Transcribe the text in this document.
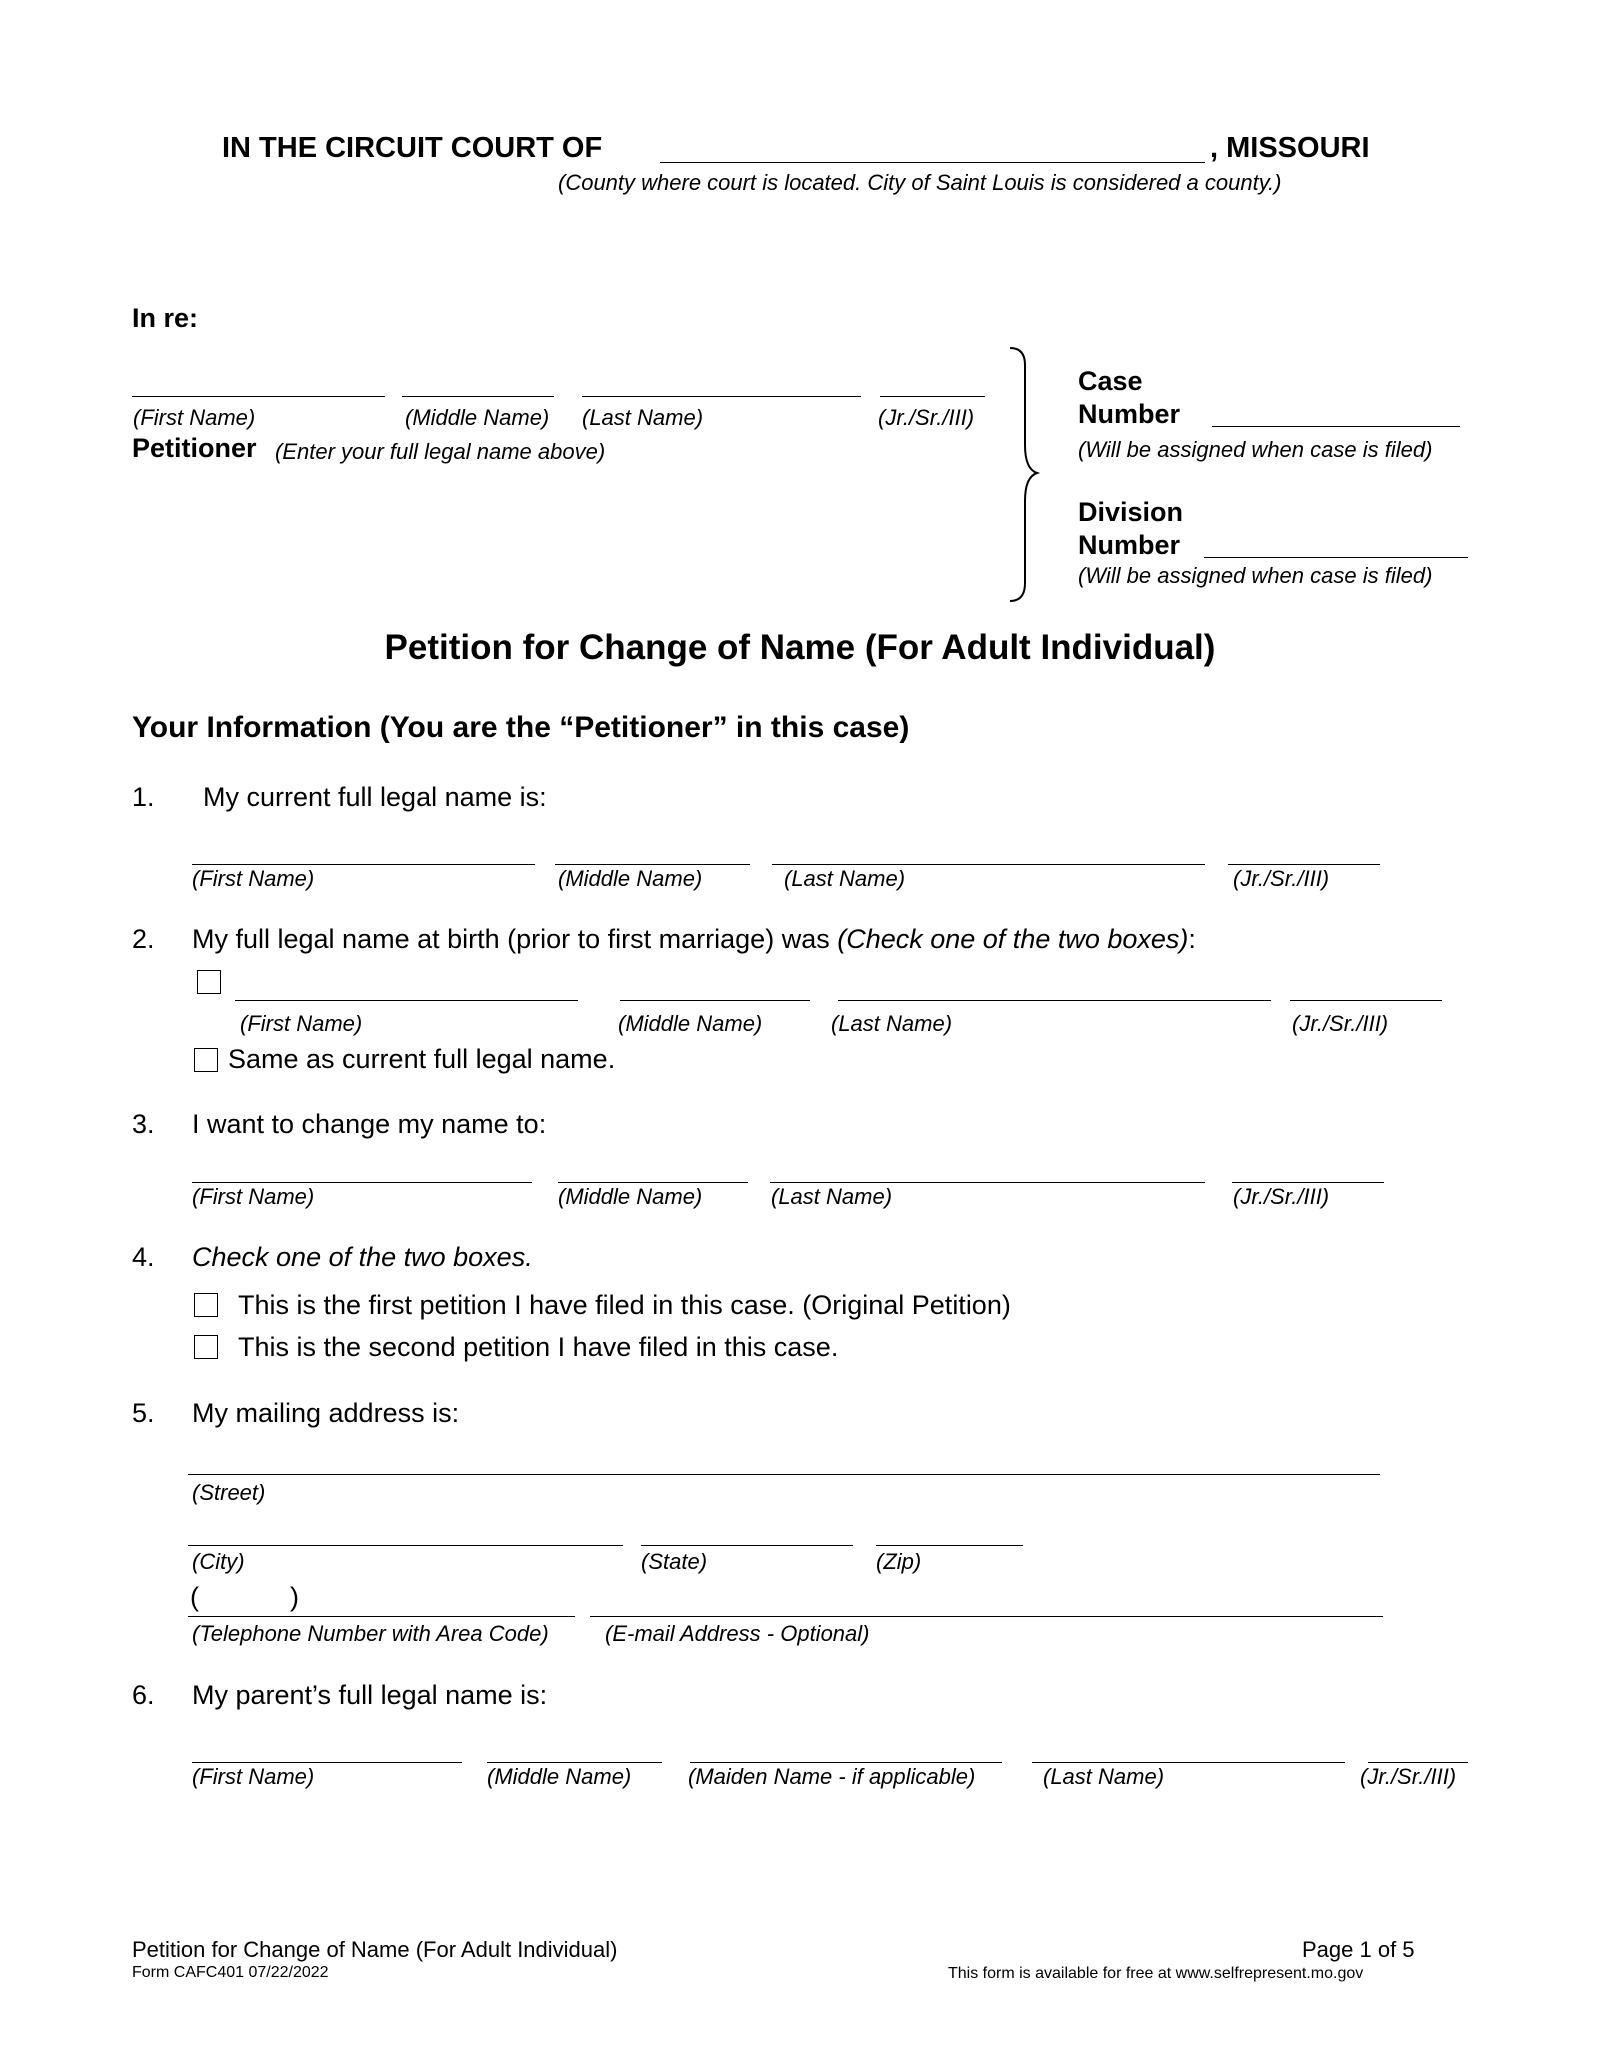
IN THE CIRCUIT COURT OF	, MISSOURI
(County where court is located. City of Saint Louis is considered a county.)
In re:
(First Name)	(Middle Name) (Last Name)	(Jr./Sr./III)
Petitioner (Enter your full legal name above)
Case
Number
(Will be assigned when case is filed)
Division
Number
(Will be assigned when case is filed)
Petition for Change of Name (For Adult Individual)
Your Information (You are the “Petitioner” in this case)
1. My current full legal name is:
(First Name)	(Middle Name)	(Last Name)	(Jr./Sr./III)
2. My full legal name at birth (prior to first marriage) was (Check one of the two boxes):
(First Name)	(Middle Name)	(Last Name)	(Jr./Sr./III)
Same as current full legal name.
3. I want to change my name to:
(First Name)	(Middle Name)	(Last Name)	(Jr./Sr./III)
4. Check one of the two boxes.
This is the first petition I have filed in this case. (Original Petition)
This is the second petition I have filed in this case.
5. My mailing address is:
(Street)
(City)	(State)	(Zip)
(	)
(Telephone Number with Area Code)	(E-mail Address - Optional)
6. My parent’s full legal name is:
(First Name)	(Middle Name)	(Maiden Name - if applicable)	(Last Name)	(Jr./Sr./III)
Petition for Change of Name (For Adult Individual)
Form CAFC401 07/22/2022
Page 1 of 5
This form is available for free at www.selfrepresent.mo.gov
